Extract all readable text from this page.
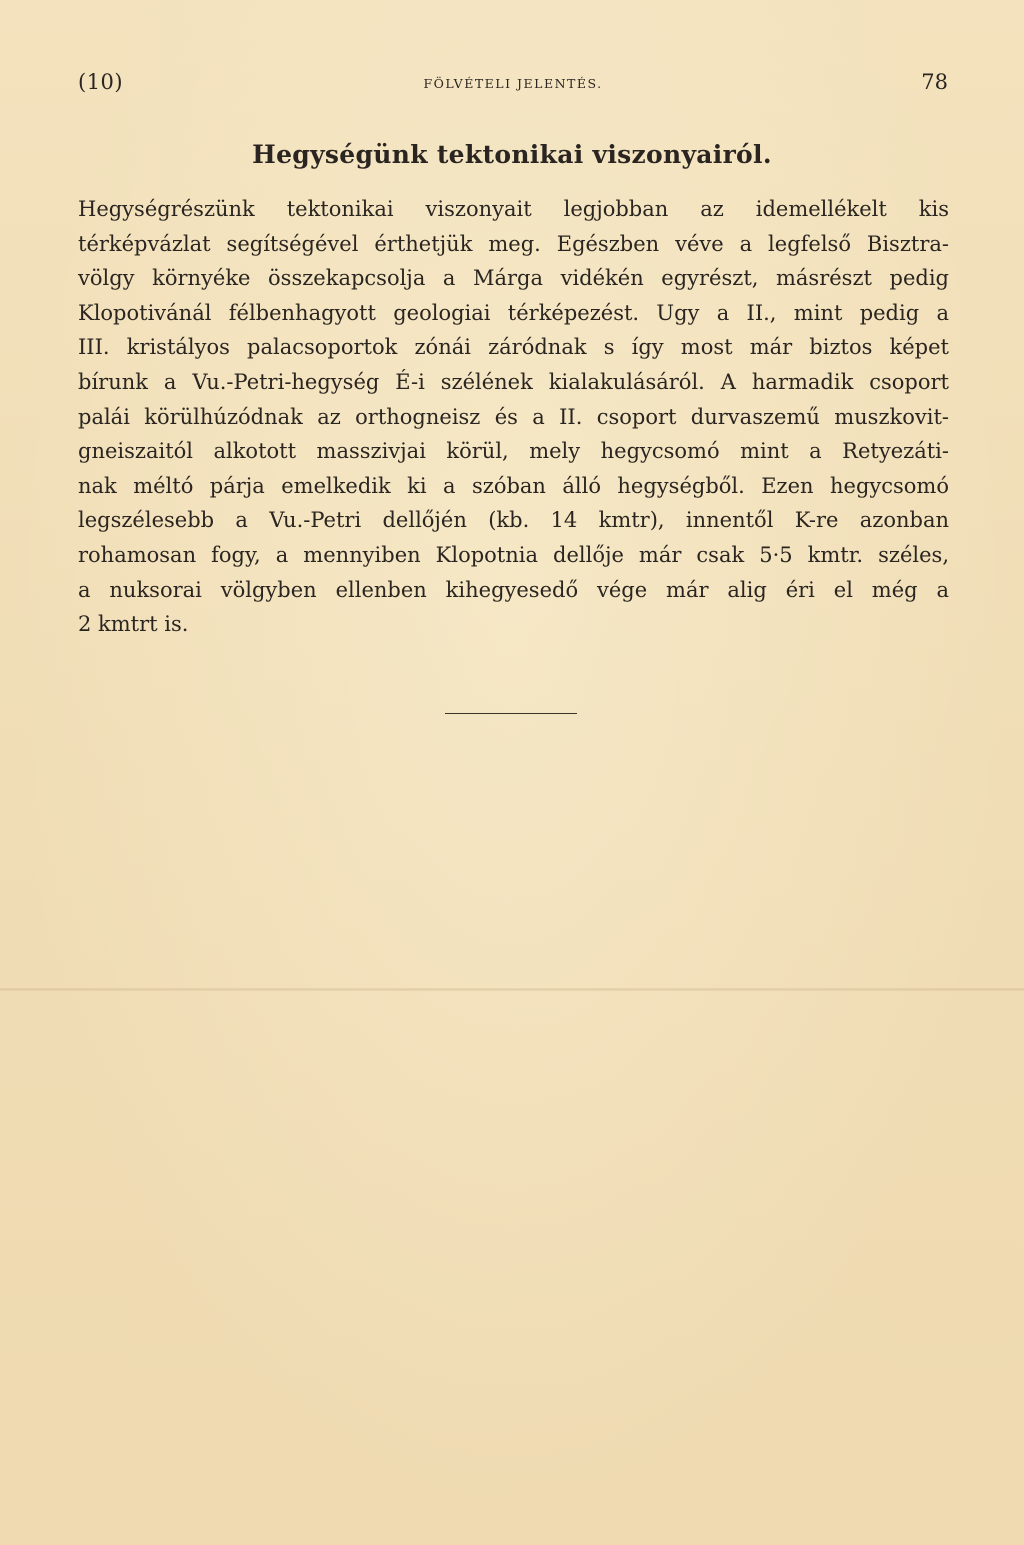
(10)	FÖLVÉTELI JELENTÉS.	78
Hegységünk tektonikai viszonyairól.
Hegységrészünk tektonikai viszonyait legjobban az idemellékelt kis
térképvázlat segítségével érthetjük meg. Egészben véve a legfelső Bisztra-
völgy környéke összekapcsolja a Márga vidékén egyrészt, másrészt pedig
Klopotivánál félbenhagyott geologiai térképezést. Ugy a II., mint pedig a
III. kristályos palacsoportok zónái záródnak s így most már biztos képet
bírunk a Vu.-Petri-hegység É-i szélének kialakulásáról. A harmadik csoport
palái körülhúzódnak az orthogneisz és a II. csoport durvaszemű muszkovit-
gneiszaitól alkotott masszivjai körül, mely hegycsomó mint a Retyezáti-
nak méltó párja emelkedik ki a szóban álló hegységből. Ezen hegycsomó
legszélesebb a Vu.-Petri dellőjén (kb. 14 kmtr), innentől K-re azonban
rohamosan fogy, a mennyiben Klopotnia dellője már csak 5·5 kmtr. széles,
a nuksorai völgyben ellenben kihegyesedő vége már alig éri el még a
2 kmtrt is.
